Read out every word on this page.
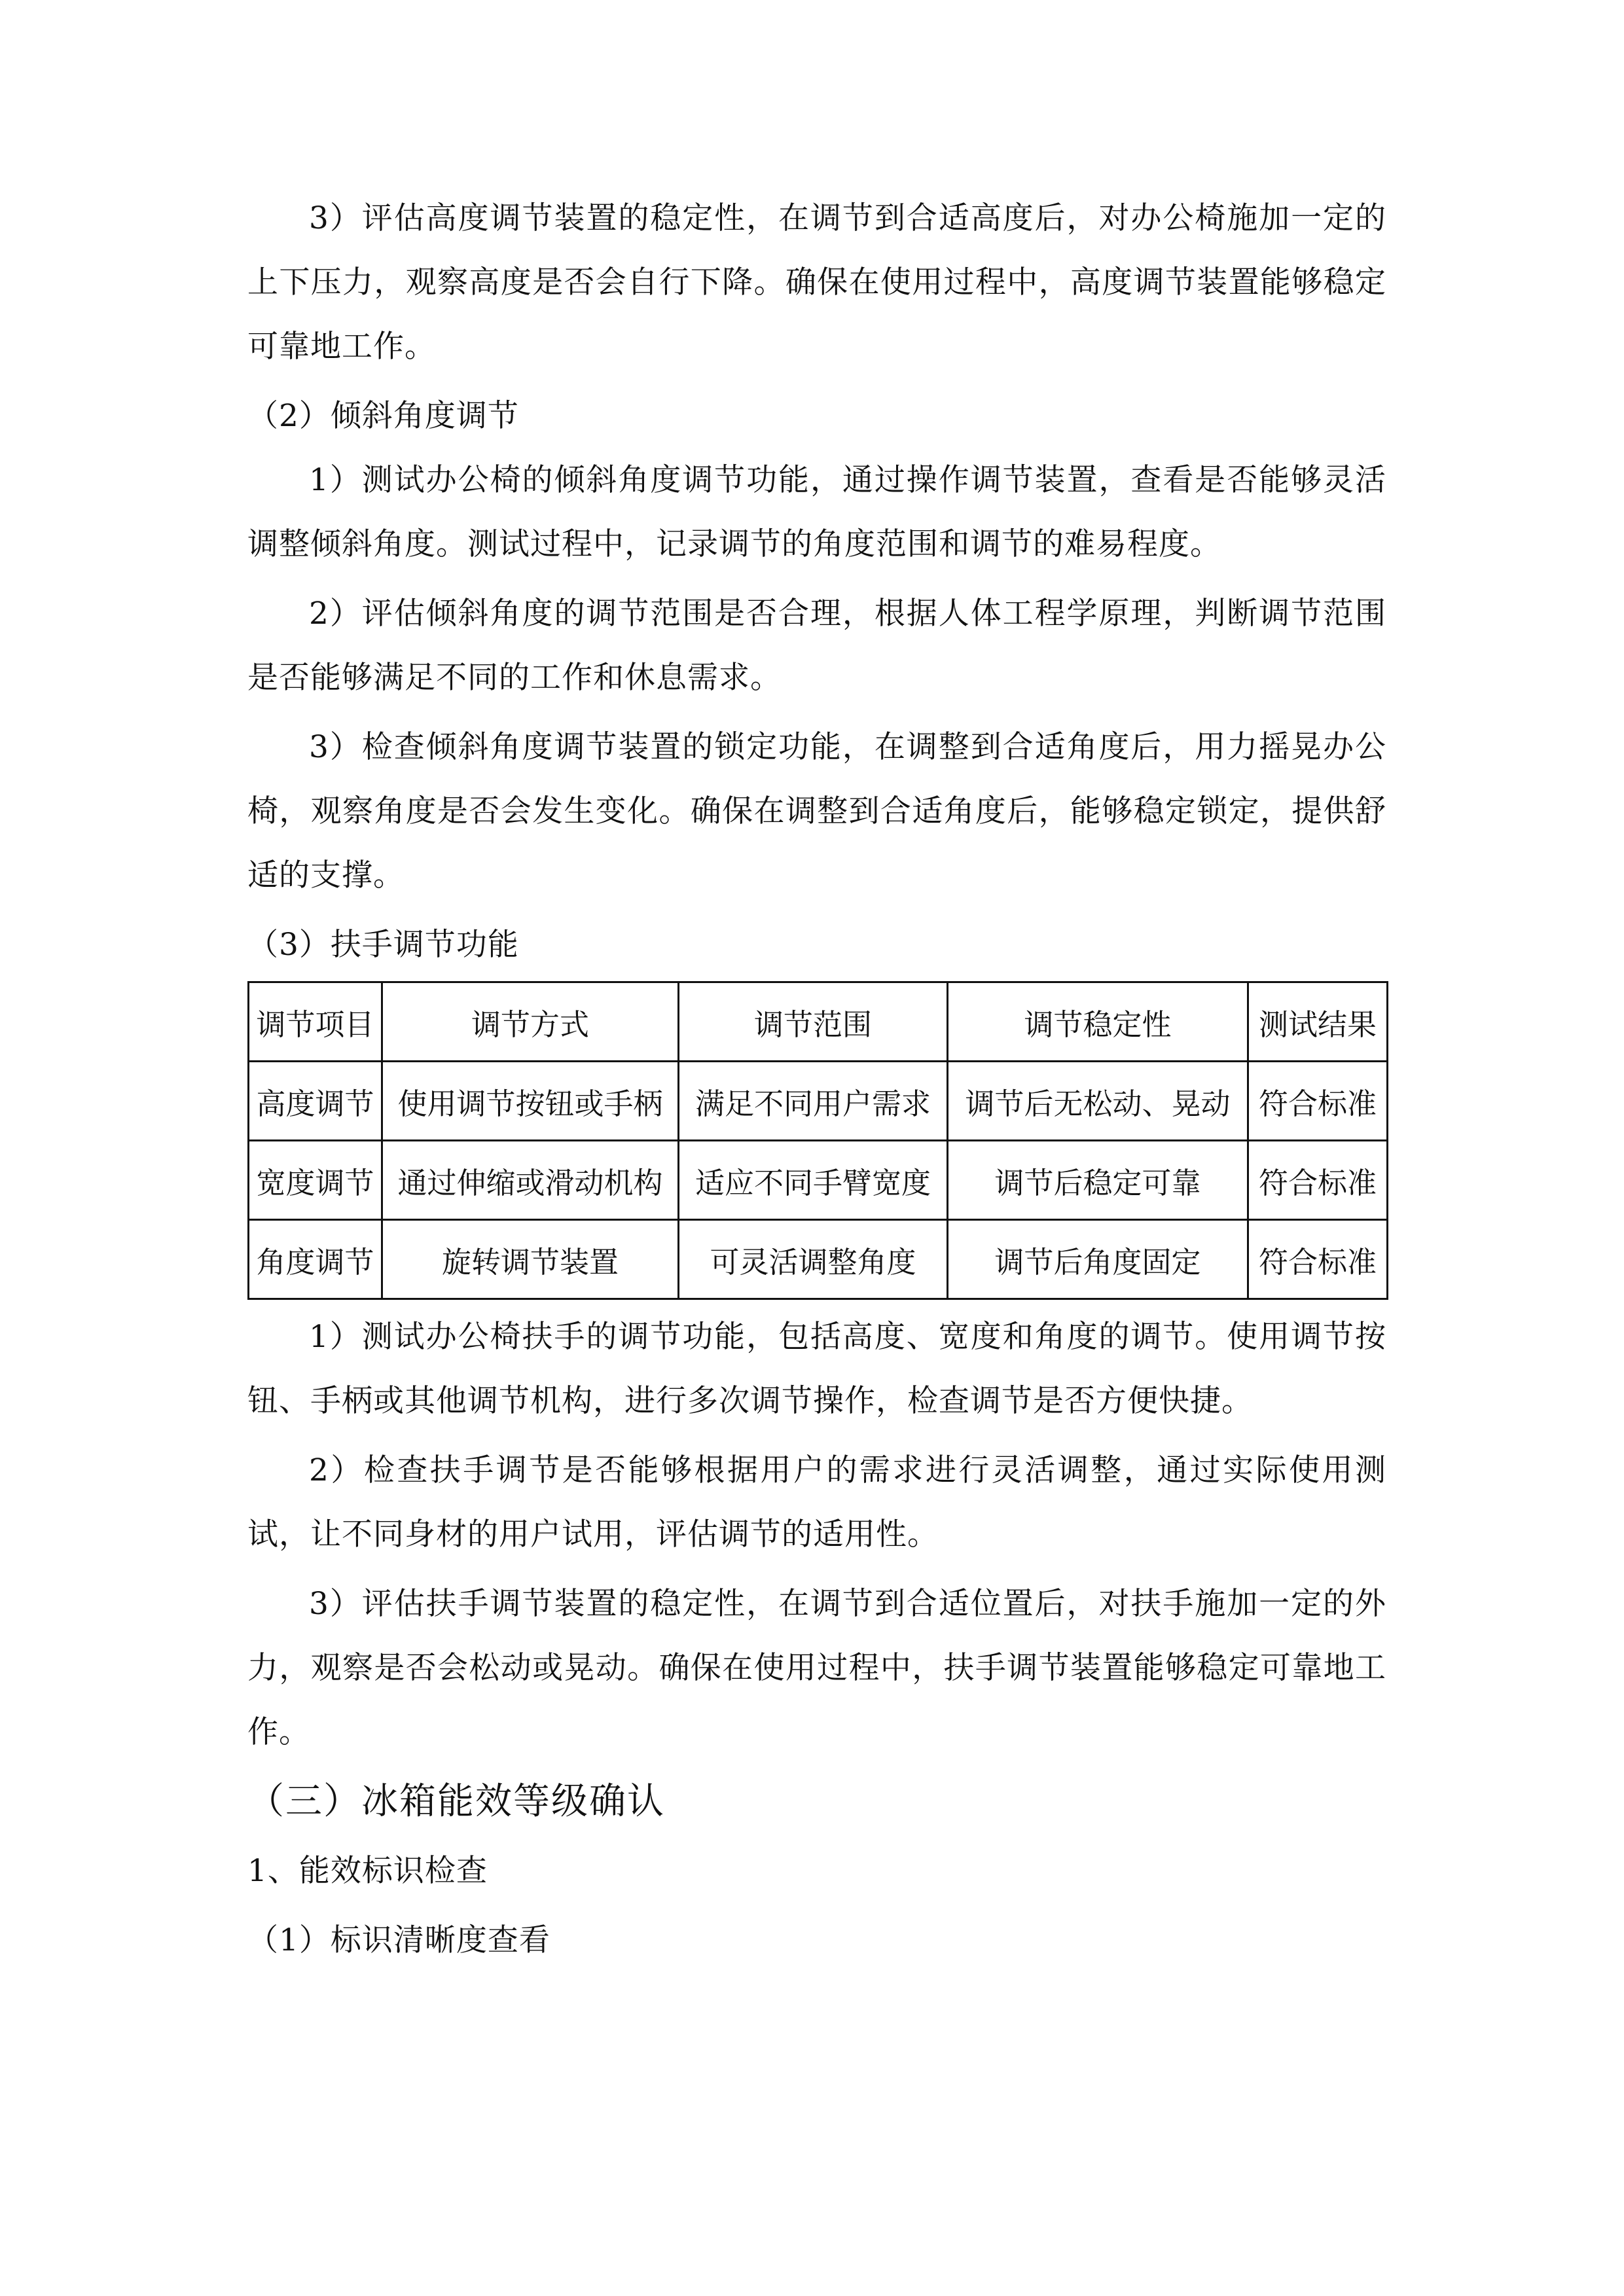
3）评估高度调节装置的稳定性，在调节到合适高度后，对办公椅施加一定的上下压力，观察高度是否会自行下降。确保在使用过程中，高度调节装置能够稳定可靠地工作。

（2）倾斜角度调节

1）测试办公椅的倾斜角度调节功能，通过操作调节装置，查看是否能够灵活调整倾斜角度。测试过程中，记录调节的角度范围和调节的难易程度。

2）评估倾斜角度的调节范围是否合理，根据人体工程学原理，判断调节范围是否能够满足不同的工作和休息需求。

3）检查倾斜角度调节装置的锁定功能，在调整到合适角度后，用力摇晃办公椅，观察角度是否会发生变化。确保在调整到合适角度后，能够稳定锁定，提供舒适的支撑。

（3）扶手调节功能
调节项目	调节方式	调节范围	调节稳定性	测试结果
高度调节	使用调节按钮或手柄	满足不同用户需求	调节后无松动、晃动	符合标准
宽度调节	通过伸缩或滑动机构	适应不同手臂宽度	调节后稳定可靠	符合标准
角度调节	旋转调节装置	可灵活调整角度	调节后角度固定	符合标准

1）测试办公椅扶手的调节功能，包括高度、宽度和角度的调节。使用调节按钮、手柄或其他调节机构，进行多次调节操作，检查调节是否方便快捷。

2）检查扶手调节是否能够根据用户的需求进行灵活调整，通过实际使用测试，让不同身材的用户试用，评估调节的适用性。

3）评估扶手调节装置的稳定性，在调节到合适位置后，对扶手施加一定的外力，观察是否会松动或晃动。确保在使用过程中，扶手调节装置能够稳定可靠地工作。

（三）冰箱能效等级确认
1、能效标识检查
（1）标识清晰度查看
